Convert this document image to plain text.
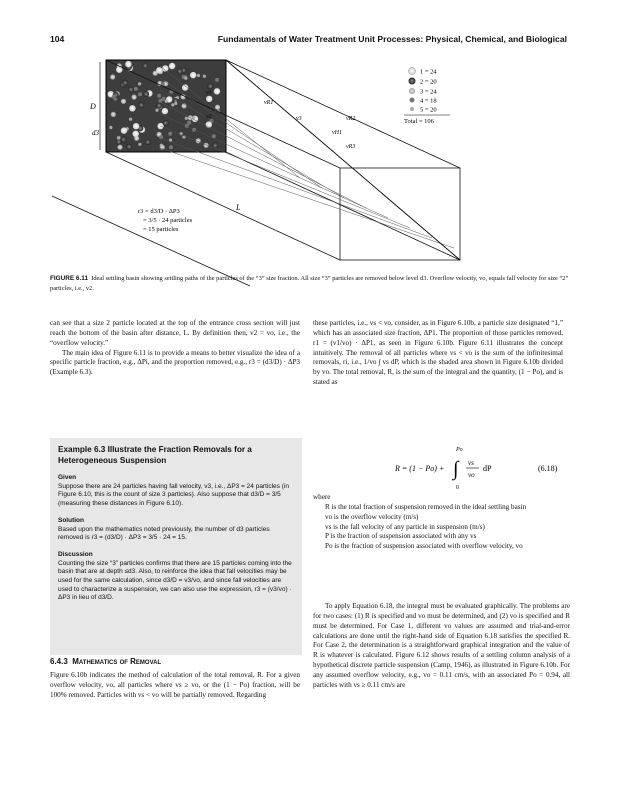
104	Fundamentals of Water Treatment Unit Processes: Physical, Chemical, and Biological
D
d3
L
v1
v2	v3
vR1
vR2
vR3
vH1
r3 = d3/D · ΔP3
= 3/5 · 24 particles
= 15 particles
1 = 24
2 = 20
3 = 24
4 = 18
5 = 20
Total = 106
FIGURE 6.11 Ideal settling basin showing settling paths of the particles of the “3” size fraction. All size “3” particles are removed below level d3. Overflow velocity, vo, equals fall velocity for size “2” particles, i.e., v2.

can see that a size 2 particle located at the top of the entrance cross section will just reach the bottom of the basin after distance, L. By definition then, v2 = vo, i.e., the “overflow velocity.”

The main idea of Figure 6.11 is to provide a means to better visualize the idea of a specific particle fraction, e.g., ΔPi, and the proportion removed, e.g., r3 = (d3/D) · ΔP3 (Example 6.3).

Example 6.3 Illustrate the Fraction Removals for a Heterogeneous Suspension
Given
Suppose there are 24 particles having fall velocity, v3, i.e., ΔP3 = 24 particles (in Figure 6.10, this is the count of size 3 particles). Also suppose that d3/D = 3/5 (measuring these distances in Figure 6.10).
Solution
Based upon the mathematics noted previously, the number of d3 particles removed is r3 = (d3/D) · ΔP3 = 3/5 · 24 = 15.
Discussion
Counting the size “3” particles confirms that there are 15 particles coming into the basin that are at depth ≤d3. Also, to reinforce the idea that fall velocities may be used for the same calculation, since d3/D = v3/vo, and since fall velocities are used to characterize a suspension, we can also use the expression, r3 = (v3/vo) · ΔP3 in lieu of d3/D.
6.4.3 Mathematics of Removal

Figure 6.10b indicates the method of calculation of the total removal, R. For a given overflow velocity, vo, all particles where vs ≥ vo, or the (1 − Po) fraction, will be 100% removed. Particles with vs < vo will be partially removed. Regarding

these particles, i.e., vs < vo, consider, as in Figure 6.10b, a particle size designated “1,” which has an associated size fraction, ΔP1. The proportion of those particles removed, r1 = (v1/vo) · ΔP1, as seen in Figure 6.10b. Figure 6.11 illustrates the concept intuitively. The removal of all particles where vs < vo is the sum of the infinitesimal removals, ri, i.e., 1/vo ∫ vs dP, which is the shaded area shown in Figure 6.10b divided by vo. The total removal, R, is the sum of the integral and the quantity, (1 − Po), and is stated as

R = (1 − Po) +
Po
∫
0
vs
vo
dP	(6.18)

where

R is the total fraction of suspension removed in the ideal settling basin

vo is the overflow velocity (m/s)

vs is the fall velocity of any particle in suspension (m/s)

P is the fraction of suspension associated with any vs

Po is the fraction of suspension associated with overflow velocity, vo

To apply Equation 6.18, the integral must be evaluated graphically. The problems are for two cases: (1) R is specified and vo must be determined, and (2) vo is specified and R must be determined. For Case 1, different vo values are assumed and trial-and-error calculations are done until the right-hand side of Equation 6.18 satisfies the specified R. For Case 2, the determination is a straightforward graphical integration and the value of R is whatever is calculated. Figure 6.12 shows results of a settling column analysis of a hypothetical discrete particle suspension (Camp, 1946), as illustrated in Figure 6.10b. For any assumed overflow velocity, e.g., vo = 0.11 cm/s, with an associated Po = 0.94, all particles with vs ≥ 0.11 cm/s are
